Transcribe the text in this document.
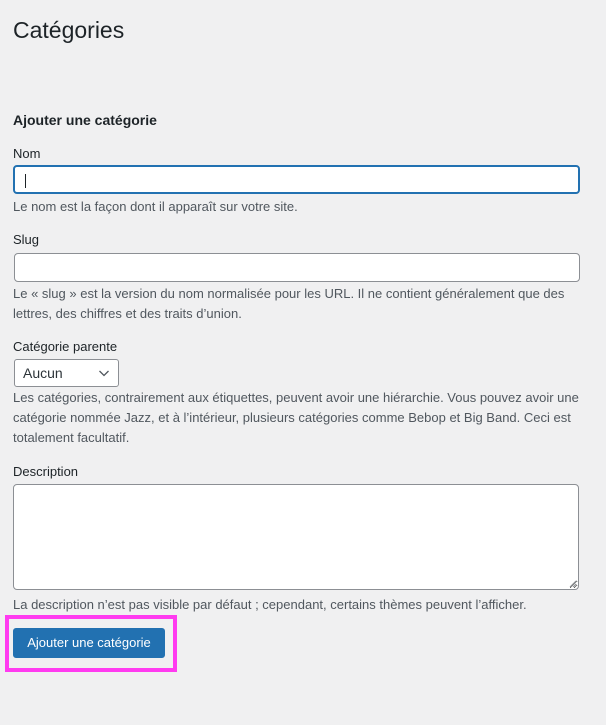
Catégories
Ajouter une catégorie
Nom

Le nom est la façon dont il apparaît sur votre site.

Slug

Le « slug » est la version du nom normalisée pour les URL. Il ne contient généralement que des lettres, des chiffres et des traits d’union.

Catégorie parente
Aucun

Les catégories, contrairement aux étiquettes, peuvent avoir une hiérarchie. Vous pouvez avoir une catégorie nommée Jazz, et à l’intérieur, plusieurs catégories comme Bebop et Big Band. Ceci est totalement facultatif.

Description

La description n’est pas visible par défaut ; cependant, certains thèmes peuvent l’afficher.

Ajouter une catégorie
